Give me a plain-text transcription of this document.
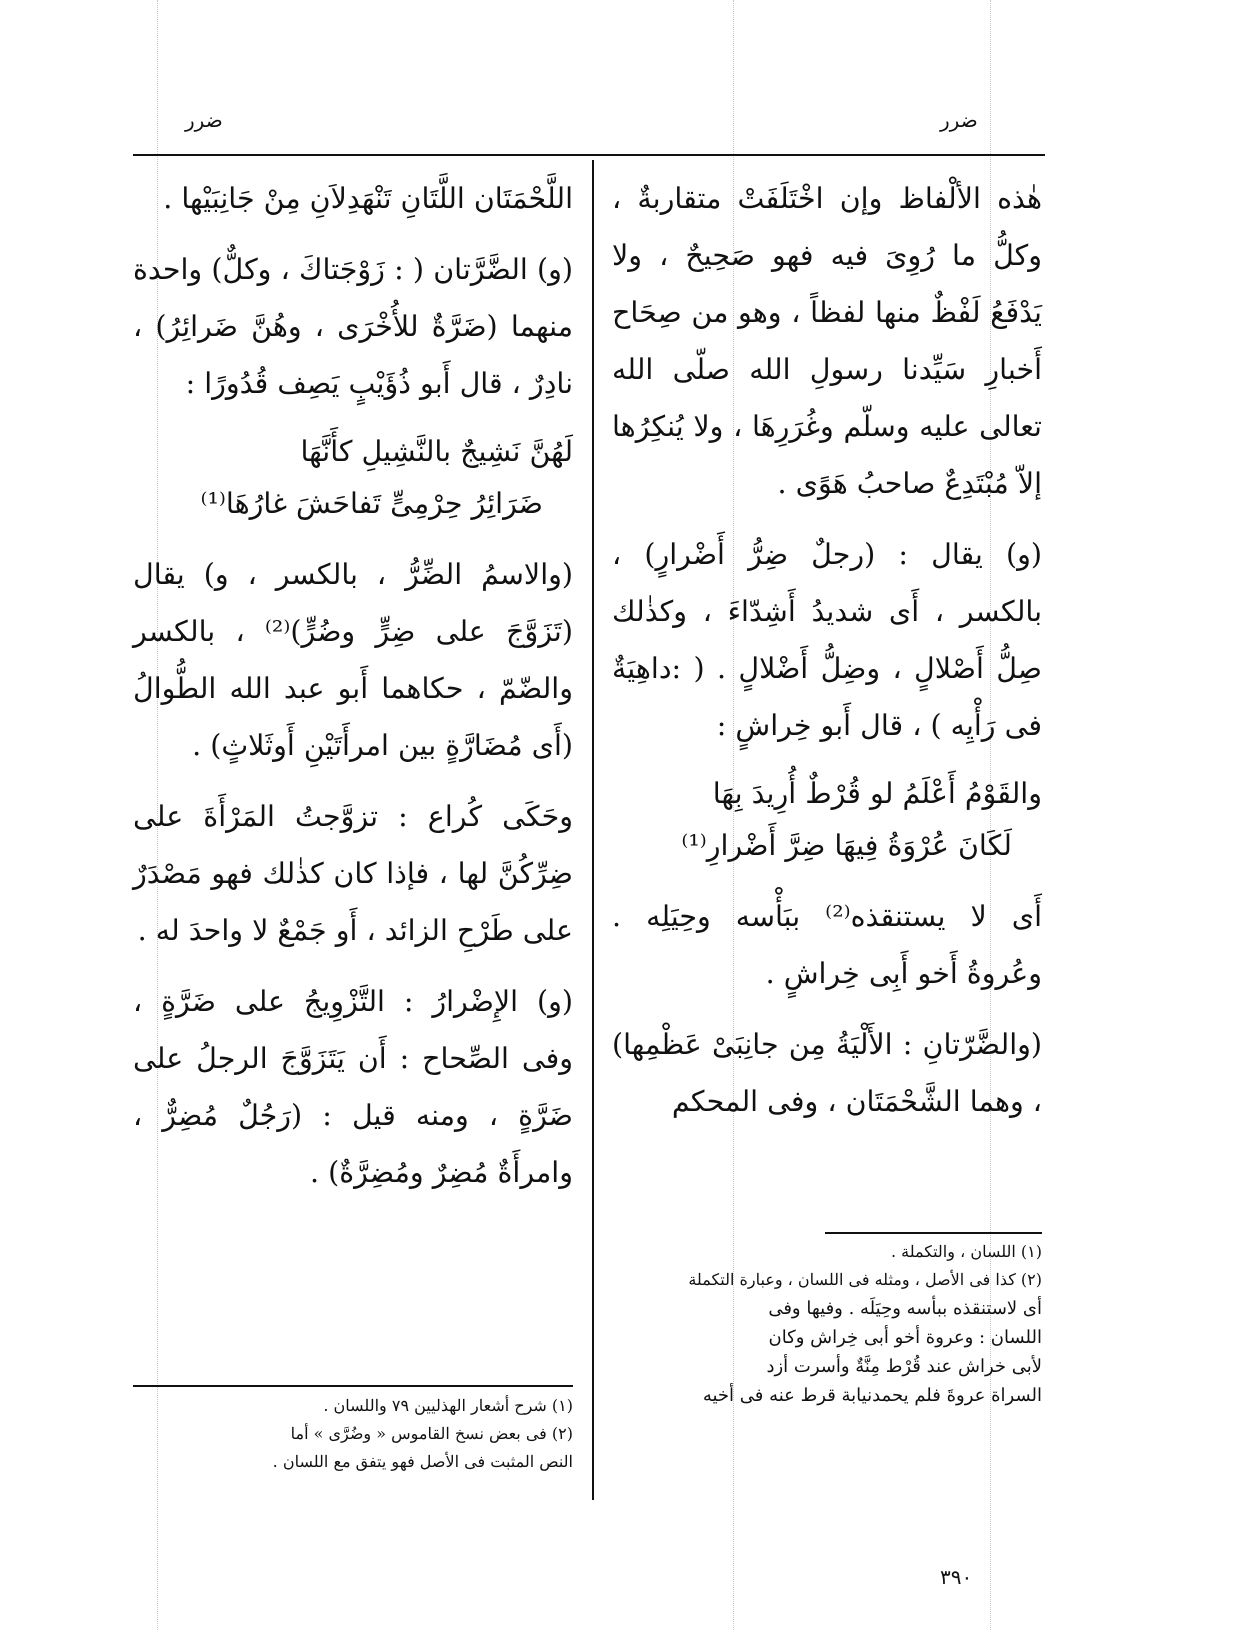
ضرر	ضرر

هٰذه الألْفاظ وإن اخْتَلَفَتْ متقاربةٌ ، وكلُّ ما رُوِىَ فيه فهو صَحِيحٌ ، ولا يَدْفَعُ لَفْظٌ منها لفظاً ، وهو من صِحَاح أَخبارِ سَيِّدنا رسولِ الله صلّى الله تعالى عليه وسلّم وغُرَرِهَا ، ولا يُنكِرُها إلاّ مُبْتَدِعٌ صاحبُ هَوًى .

(و) يقال : (رجلٌ ضِرُّ أَضْرارٍ) ، بالكسر ، أَى شديدُ أَشِدّاءَ ، وكذٰلك صِلُّ أَصْلالٍ ، وضِلُّ أَضْلالٍ . ( :داهِيَةٌ فى رَأْيِه ) ، قال أَبو خِراشٍ :

والقَوْمُ أَعْلَمُ لو قُرْطٌ أُرِيدَ بِهَا
لَكَانَ عُرْوَةُ فِيهَا ضِرَّ أَضْرارِ⁽¹⁾

أَى لا يستنقذه⁽²⁾ ببَأْسه وحِيَلِه . وعُروةُ أَخو أَبِى خِراشٍ .

(والضَّرّتانِ : الأَلْيَةُ مِن جانِبَىْ عَظْمِها) ، وهما الشَّحْمَتَان ، وفى المحكم

(١) اللسان ، والتكملة .
(٢) كذا فى الأصل ، ومثله فى اللسان ، وعبارة التكملة
أى لاستنقذه ببأسه وحِيَلَه . وفيها وفى
اللسان : وعروة أخو أبى خِراش وكان
لأبى خراش عند قُرْط مِنَّةٌ وأسرت أزد
السراة عروةَ فلم يحمدنيابة قرط عنه فى أخيه

اللَّحْمَتَان اللَّتَانِ تَنْهَدِلاَنِ مِنْ جَانِبَيْها .

(و) الضَّرَّتان ( : زَوْجَتاكَ ، وكلٌّ) واحدة منهما (ضَرَّةٌ للأُخْرَى ، وهُنَّ ضَرائِرُ) ، نادِرٌ ، قال أَبو ذُؤَيْبٍ يَصِف قُدُورًا :

لَهُنَّ نَشِيجٌ بالنَّشِيلِ كأَنَّهَا
ضَرَائِرُ حِرْمِىٍّ تَفاحَشَ غارُهَا⁽¹⁾

(والاسمُ الضِّرُّ ، بالكسر ، و) يقال (تَزَوَّجَ على ضِرٍّ وضُرٍّ)⁽²⁾ ، بالكسر والضّمّ ، حكاهما أَبو عبد الله الطُّوالُ (أَى مُضَارَّةٍ بين امرأَتَيْنِ أَوثَلاثٍ) .

وحَكَى كُراع : تزوَّجتُ المَرْأَةَ على ضِرِّكُنَّ لها ، فإذا كان كذٰلك فهو مَصْدَرٌ على طَرْحِ الزائد ، أَو جَمْعٌ لا واحدَ له .

(و) الإِضْرارُ : التَّزْوِيجُ على ضَرَّةٍ ، وفى الصِّحاح : أَن يَتَزَوَّجَ الرجلُ على ضَرَّةٍ ، ومنه قيل : (رَجُلٌ مُضِرٌّ ، وامرأَةٌ مُضِرٌ ومُضِرَّةٌ) .

(١) شرح أشعار الهذليين ٧٩ واللسان .
(٢) فى بعض نسخ القاموس « وضُرَّى » أما
النص المثبت فى الأصل فهو يتفق مع اللسان .
٣٩٠
